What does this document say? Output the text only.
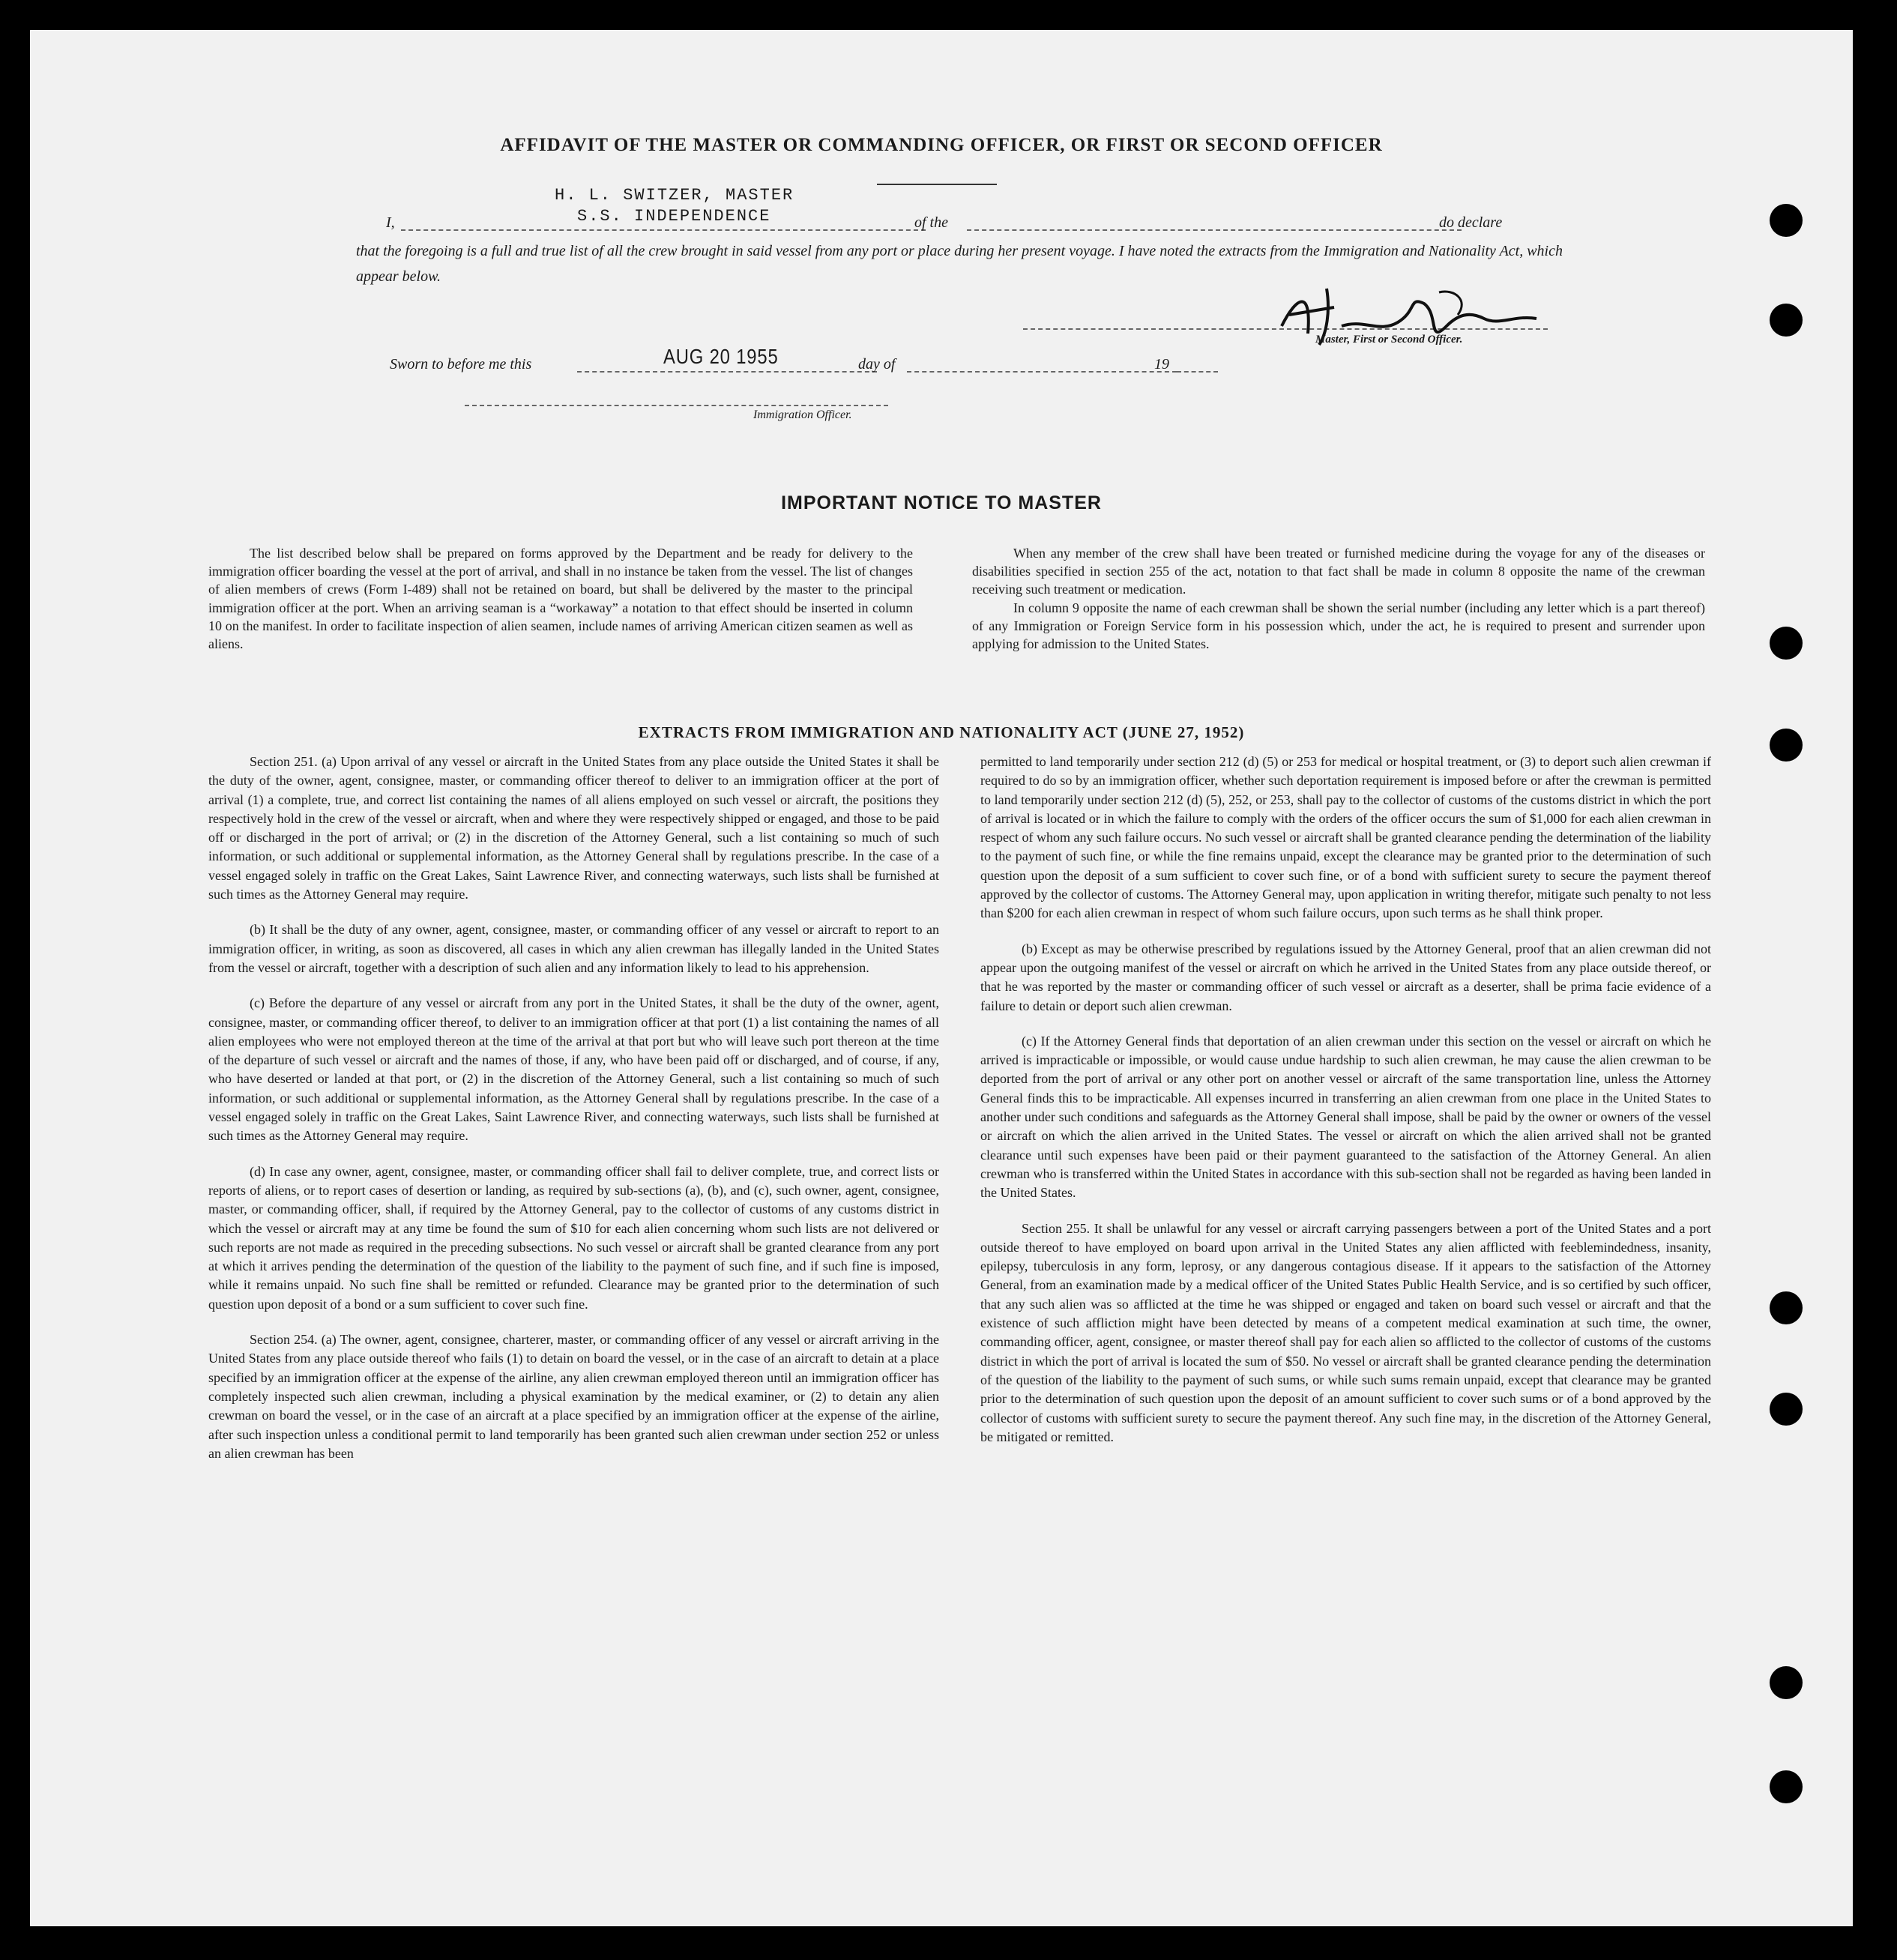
AFFIDAVIT OF THE MASTER OR COMMANDING OFFICER, OR FIRST OR SECOND OFFICER
H. L. SWITZER, MASTER
S.S. INDEPENDENCE
I,	of the	do declare
that the foregoing is a full and true list of all the crew brought in said vessel from any port or place during her present voyage. I have noted the extracts from the Immigration and Nationality Act, which appear below.
Master, First or Second Officer.
Sworn to before me this	AUG 20 1955	day of	19
Immigration Officer.
IMPORTANT NOTICE TO MASTER

The list described below shall be prepared on forms approved by the Department and be ready for delivery to the immigration officer boarding the vessel at the port of arrival, and shall in no instance be taken from the vessel. The list of changes of alien members of crews (Form I-489) shall not be retained on board, but shall be delivered by the master to the principal immigration officer at the port. When an arriving seaman is a “workaway” a notation to that effect should be inserted in column 10 on the manifest. In order to facilitate inspection of alien seamen, include names of arriving American citizen seamen as well as aliens.

When any member of the crew shall have been treated or furnished medicine during the voyage for any of the diseases or disabilities specified in section 255 of the act, notation to that fact shall be made in column 8 opposite the name of the crewman receiving such treatment or medication.

In column 9 opposite the name of each crewman shall be shown the serial number (including any letter which is a part thereof) of any Immigration or Foreign Service form in his possession which, under the act, he is required to present and surrender upon applying for admission to the United States.

EXTRACTS FROM IMMIGRATION AND NATIONALITY ACT (JUNE 27, 1952)

Section 251. (a) Upon arrival of any vessel or aircraft in the United States from any place outside the United States it shall be the duty of the owner, agent, consignee, master, or commanding officer thereof to deliver to an immigration officer at the port of arrival (1) a complete, true, and correct list containing the names of all aliens employed on such vessel or aircraft, the positions they respectively hold in the crew of the vessel or aircraft, when and where they were respectively shipped or engaged, and those to be paid off or discharged in the port of arrival; or (2) in the discretion of the Attorney General, such a list containing so much of such information, or such additional or supplemental information, as the Attorney General shall by regulations prescribe. In the case of a vessel engaged solely in traffic on the Great Lakes, Saint Lawrence River, and connecting waterways, such lists shall be furnished at such times as the Attorney General may require.

(b) It shall be the duty of any owner, agent, consignee, master, or commanding officer of any vessel or aircraft to report to an immigration officer, in writing, as soon as discovered, all cases in which any alien crewman has illegally landed in the United States from the vessel or aircraft, together with a description of such alien and any information likely to lead to his apprehension.

(c) Before the departure of any vessel or aircraft from any port in the United States, it shall be the duty of the owner, agent, consignee, master, or commanding officer thereof, to deliver to an immigration officer at that port (1) a list containing the names of all alien employees who were not employed thereon at the time of the arrival at that port but who will leave such port thereon at the time of the departure of such vessel or aircraft and the names of those, if any, who have been paid off or discharged, and of course, if any, who have deserted or landed at that port, or (2) in the discretion of the Attorney General, such a list containing so much of such information, or such additional or supplemental information, as the Attorney General shall by regulations prescribe. In the case of a vessel engaged solely in traffic on the Great Lakes, Saint Lawrence River, and connecting waterways, such lists shall be furnished at such times as the Attorney General may require.

(d) In case any owner, agent, consignee, master, or commanding officer shall fail to deliver complete, true, and correct lists or reports of aliens, or to report cases of desertion or landing, as required by sub-sections (a), (b), and (c), such owner, agent, consignee, master, or commanding officer, shall, if required by the Attorney General, pay to the collector of customs of any customs district in which the vessel or aircraft may at any time be found the sum of $10 for each alien concerning whom such lists are not delivered or such reports are not made as required in the preceding subsections. No such vessel or aircraft shall be granted clearance from any port at which it arrives pending the determination of the question of the liability to the payment of such fine, and if such fine is imposed, while it remains unpaid. No such fine shall be remitted or refunded. Clearance may be granted prior to the determination of such question upon deposit of a bond or a sum sufficient to cover such fine.

Section 254. (a) The owner, agent, consignee, charterer, master, or commanding officer of any vessel or aircraft arriving in the United States from any place outside thereof who fails (1) to detain on board the vessel, or in the case of an aircraft to detain at a place specified by an immigration officer at the expense of the airline, any alien crewman employed thereon until an immigration officer has completely inspected such alien crewman, including a physical examination by the medical examiner, or (2) to detain any alien crewman on board the vessel, or in the case of an aircraft at a place specified by an immigration officer at the expense of the airline, after such inspection unless a conditional permit to land temporarily has been granted such alien crewman under section 252 or unless an alien crewman has been

permitted to land temporarily under section 212 (d) (5) or 253 for medical or hospital treatment, or (3) to deport such alien crewman if required to do so by an immigration officer, whether such deportation requirement is imposed before or after the crewman is permitted to land temporarily under section 212 (d) (5), 252, or 253, shall pay to the collector of customs of the customs district in which the port of arrival is located or in which the failure to comply with the orders of the officer occurs the sum of $1,000 for each alien crewman in respect of whom any such failure occurs. No such vessel or aircraft shall be granted clearance pending the determination of the liability to the payment of such fine, or while the fine remains unpaid, except the clearance may be granted prior to the determination of such question upon the deposit of a sum sufficient to cover such fine, or of a bond with sufficient surety to secure the payment thereof approved by the collector of customs. The Attorney General may, upon application in writing therefor, mitigate such penalty to not less than $200 for each alien crewman in respect of whom such failure occurs, upon such terms as he shall think proper.

(b) Except as may be otherwise prescribed by regulations issued by the Attorney General, proof that an alien crewman did not appear upon the outgoing manifest of the vessel or aircraft on which he arrived in the United States from any place outside thereof, or that he was reported by the master or commanding officer of such vessel or aircraft as a deserter, shall be prima facie evidence of a failure to detain or deport such alien crewman.

(c) If the Attorney General finds that deportation of an alien crewman under this section on the vessel or aircraft on which he arrived is impracticable or impossible, or would cause undue hardship to such alien crewman, he may cause the alien crewman to be deported from the port of arrival or any other port on another vessel or aircraft of the same transportation line, unless the Attorney General finds this to be impracticable. All expenses incurred in transferring an alien crewman from one place in the United States to another under such conditions and safeguards as the Attorney General shall impose, shall be paid by the owner or owners of the vessel or aircraft on which the alien arrived in the United States. The vessel or aircraft on which the alien arrived shall not be granted clearance until such expenses have been paid or their payment guaranteed to the satisfaction of the Attorney General. An alien crewman who is transferred within the United States in accordance with this sub-section shall not be regarded as having been landed in the United States.

Section 255. It shall be unlawful for any vessel or aircraft carrying passengers between a port of the United States and a port outside thereof to have employed on board upon arrival in the United States any alien afflicted with feeblemindedness, insanity, epilepsy, tuberculosis in any form, leprosy, or any dangerous contagious disease. If it appears to the satisfaction of the Attorney General, from an examination made by a medical officer of the United States Public Health Service, and is so certified by such officer, that any such alien was so afflicted at the time he was shipped or engaged and taken on board such vessel or aircraft and that the existence of such affliction might have been detected by means of a competent medical examination at such time, the owner, commanding officer, agent, consignee, or master thereof shall pay for each alien so afflicted to the collector of customs of the customs district in which the port of arrival is located the sum of $50. No vessel or aircraft shall be granted clearance pending the determination of the question of the liability to the payment of such sums, or while such sums remain unpaid, except that clearance may be granted prior to the determination of such question upon the deposit of an amount sufficient to cover such sums or of a bond approved by the collector of customs with sufficient surety to secure the payment thereof. Any such fine may, in the discretion of the Attorney General, be mitigated or remitted.
